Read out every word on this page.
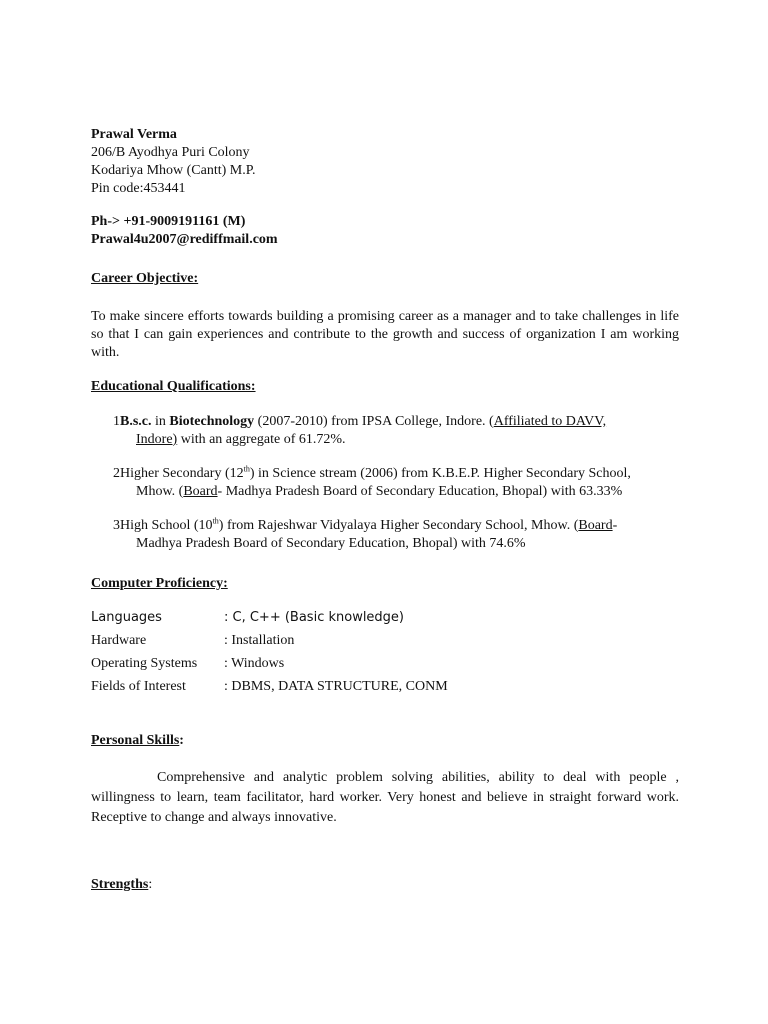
Prawal Verma
206/B Ayodhya Puri Colony
Kodariya Mhow (Cantt) M.P.
Pin code:453441
Ph-> +91-9009191161 (M)
Prawal4u2007@rediffmail.com
Career Objective:
To make sincere efforts towards building a promising career as a manager and to take challenges in life so that I can gain experiences and contribute to the growth and success of organization I am working with.
Educational Qualifications:
1B.s.c. in Biotechnology (2007-2010) from IPSA College, Indore. (Affiliated to DAVV,
Indore) with an aggregate of 61.72%.
2Higher Secondary (12th) in Science stream (2006) from K.B.E.P. Higher Secondary School,
Mhow. (Board- Madhya Pradesh Board of Secondary Education, Bhopal) with 63.33%
3High School (10th) from Rajeshwar Vidyalaya Higher Secondary School, Mhow. (Board-
Madhya Pradesh Board of Secondary Education, Bhopal) with 74.6%
Computer Proficiency:
Languages	: C, C++ (Basic knowledge)
Hardware	: Installation
Operating Systems : Windows
Fields of Interest	: DBMS, DATA STRUCTURE, CONM
Personal Skills:
Comprehensive and analytic problem solving abilities, ability to deal with people , willingness to learn, team facilitator, hard worker. Very honest and believe in straight forward work. Receptive to change and always innovative.
Strengths:
